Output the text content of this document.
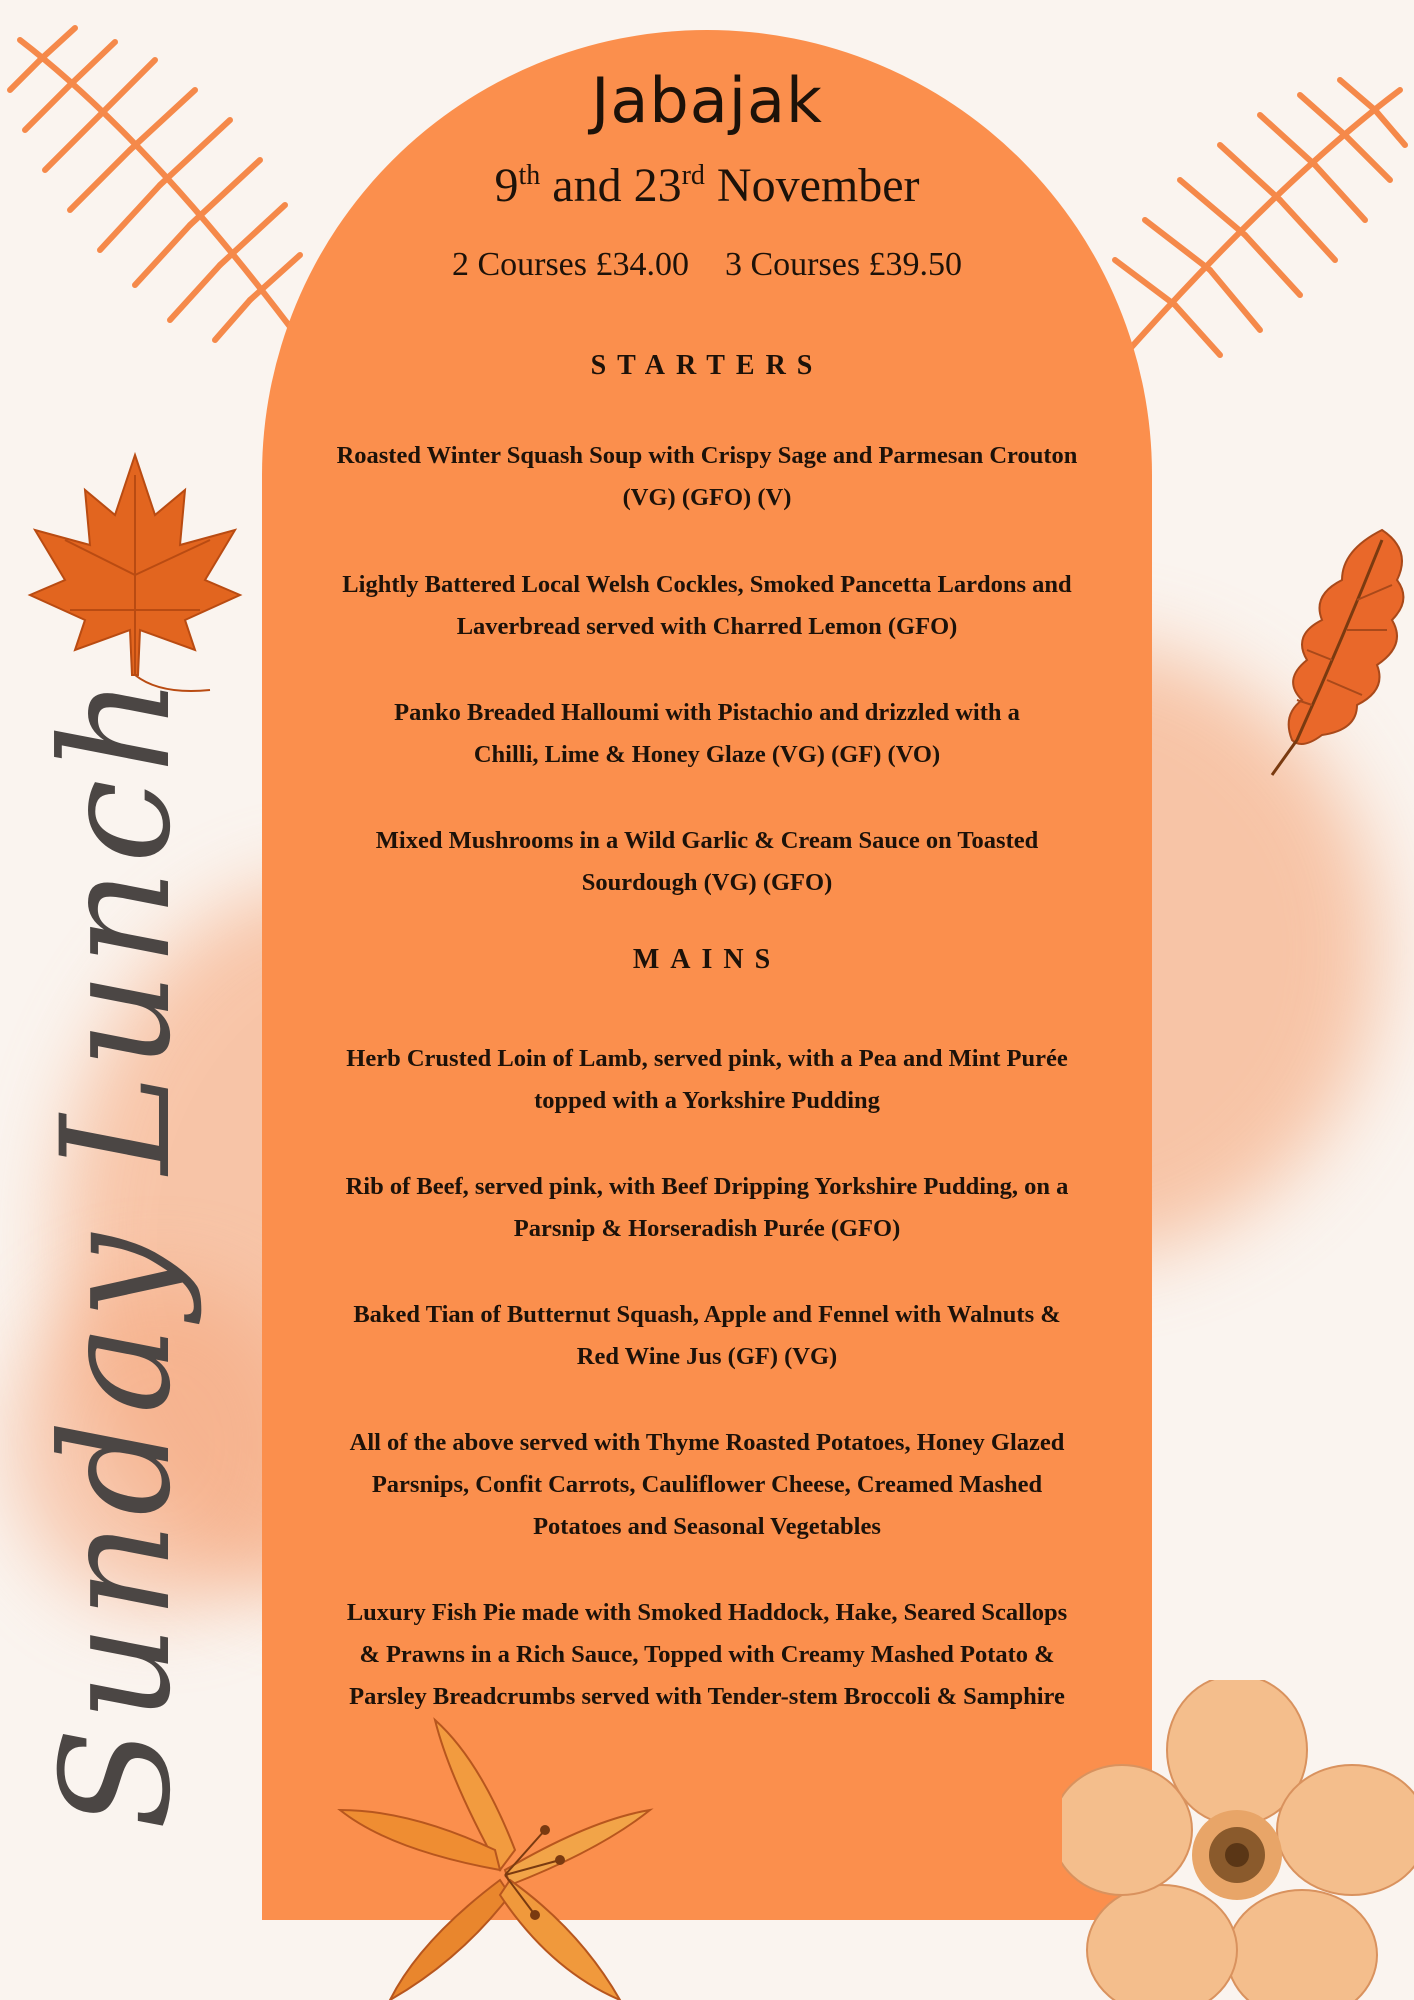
Sunday Lunch
Jabajak
9th and 23rd November
2 Courses £34.00 3 Courses £39.50
STARTERS
Roasted Winter Squash Soup with Crispy Sage and Parmesan Crouton
(VG) (GFO) (V)
Lightly Battered Local Welsh Cockles, Smoked Pancetta Lardons and
Laverbread served with Charred Lemon (GFO)
Panko Breaded Halloumi with Pistachio and drizzled with a
Chilli, Lime & Honey Glaze (VG) (GF) (VO)
Mixed Mushrooms in a Wild Garlic & Cream Sauce on Toasted
Sourdough (VG) (GFO)
MAINS
Herb Crusted Loin of Lamb, served pink, with a Pea and Mint Purée
topped with a Yorkshire Pudding
Rib of Beef, served pink, with Beef Dripping Yorkshire Pudding, on a
Parsnip & Horseradish Purée (GFO)
Baked Tian of Butternut Squash, Apple and Fennel with Walnuts &
Red Wine Jus (GF) (VG)
All of the above served with Thyme Roasted Potatoes, Honey Glazed
Parsnips, Confit Carrots, Cauliflower Cheese, Creamed Mashed
Potatoes and Seasonal Vegetables
Luxury Fish Pie made with Smoked Haddock, Hake, Seared Scallops
& Prawns in a Rich Sauce, Topped with Creamy Mashed Potato &
Parsley Breadcrumbs served with Tender-stem Broccoli & Samphire
